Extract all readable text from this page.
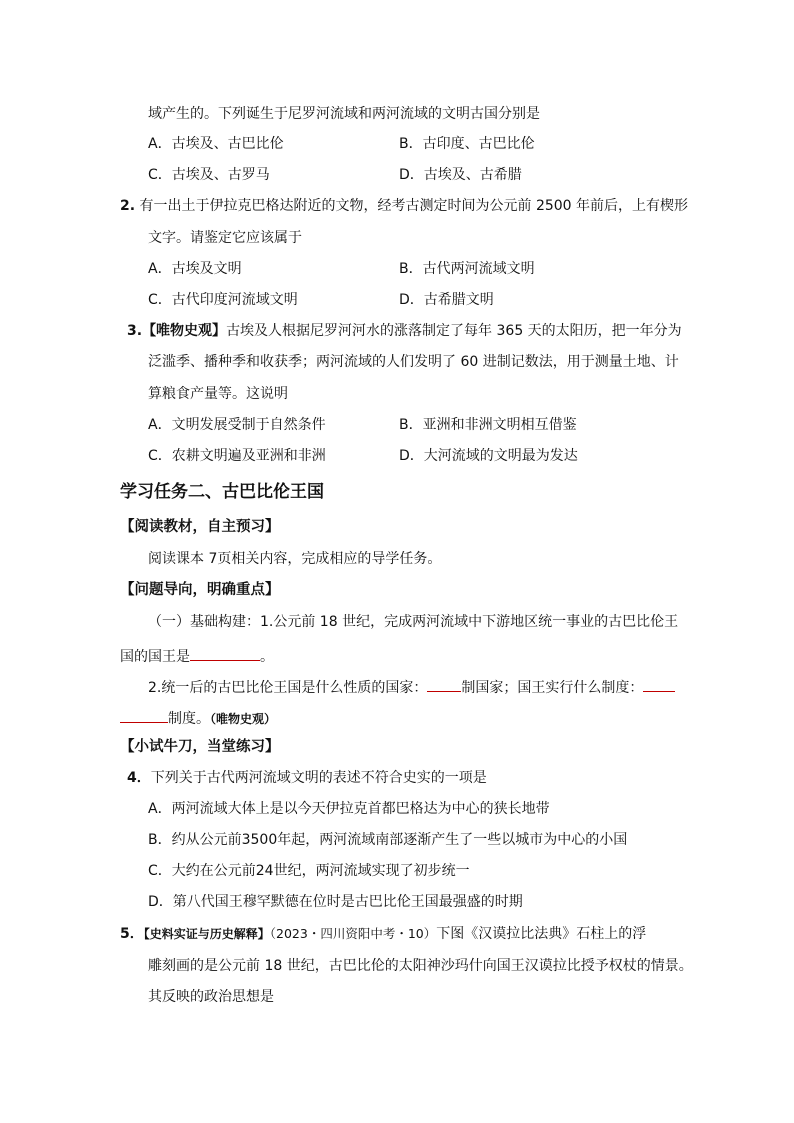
域产生的。下列诞生于尼罗河流域和两河流域的文明古国分别是
A．古埃及、古巴比伦	B．古印度、古巴比伦
C．古埃及、古罗马	D．古埃及、古希腊
2. 有一出土于伊拉克巴格达附近的文物，经考古测定时间为公元前 2500 年前后，上有楔形
文字。请鉴定它应该属于
A．古埃及文明	B．古代两河流域文明
C．古代印度河流域文明	D．古希腊文明
3.【唯物史观】古埃及人根据尼罗河河水的涨落制定了每年 365 天的太阳历，把一年分为
泛滥季、播种季和收获季；两河流域的人们发明了 60 进制记数法，用于测量土地、计
算粮食产量等。这说明
A．文明发展受制于自然条件	B．亚洲和非洲文明相互借鉴
C．农耕文明遍及亚洲和非洲	D．大河流域的文明最为发达
学习任务二、古巴比伦王国
【阅读教材，自主预习】
阅读课本 7页相关内容，完成相应的导学任务。
【问题导向，明确重点】
（一）基础构建：1.公元前 18 世纪，完成两河流域中下游地区统一事业的古巴比伦王
国的国王是	。
2.统一后的古巴比伦王国是什么性质的国家： 制国家；国王实行什么制度：
制度。（唯物史观）
【小试牛刀，当堂练习】
4．下列关于古代两河流域文明的表述不符合史实的一项是
A．两河流域大体上是以今天伊拉克首都巴格达为中心的狭长地带
B．约从公元前3500年起，两河流域南部逐渐产生了一些以城市为中心的小国
C．大约在公元前24世纪，两河流域实现了初步统一
D．第八代国王穆罕默德在位时是古巴比伦王国最强盛的时期
5．【史料实证与历史解释】（2023・四川资阳中考・10）下图《汉谟拉比法典》石柱上的浮
雕刻画的是公元前 18 世纪，古巴比伦的太阳神沙玛什向国王汉谟拉比授予权杖的情景。
其反映的政治思想是
